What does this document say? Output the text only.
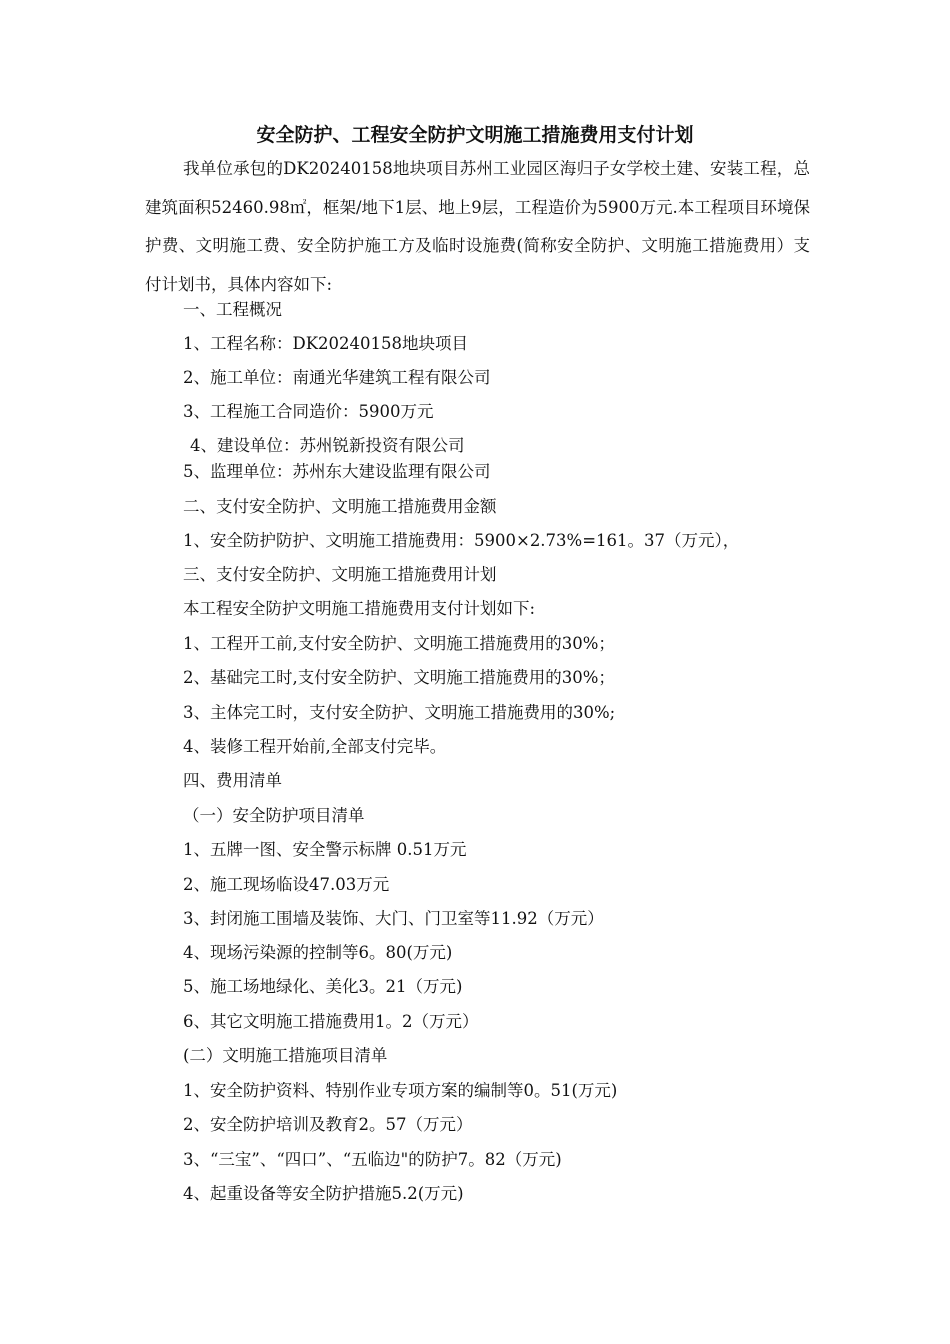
安全防护、工程安全防护文明施工措施费用支付计划

我单位承包的DK20240158地块项目苏州工业园区海归子女学校土建、安装工程，总建筑面积52460.98㎡，框架/地下1层、地上9层，工程造价为5900万元.本工程项目环境保护费、文明施工费、安全防护施工方及临时设施费(简称安全防护、文明施工措施费用）支付计划书，具体内容如下:

一、工程概况
1、工程名称：DK20240158地块项目
2、施工单位：南通光华建筑工程有限公司
3、工程施工合同造价：5900万元
4、建设单位：苏州锐新投资有限公司
5、监理单位：苏州东大建设监理有限公司
二、支付安全防护、文明施工措施费用金额
1、安全防护防护、文明施工措施费用：5900×2.73%=161。37（万元），
三、支付安全防护、文明施工措施费用计划
本工程安全防护文明施工措施费用支付计划如下:
1、工程开工前,支付安全防护、文明施工措施费用的30%；
2、基础完工时,支付安全防护、文明施工措施费用的30%；
3、主体完工时，支付安全防护、文明施工措施费用的30%;
4、装修工程开始前,全部支付完毕。
四、费用清单
（一）安全防护项目清单
1、五牌一图、安全警示标牌 0.51万元
2、施工现场临设47.03万元
3、封闭施工围墙及装饰、大门、门卫室等11.92（万元）
4、现场污染源的控制等6。80(万元)
5、施工场地绿化、美化3。21（万元)
6、其它文明施工措施费用1。2（万元）
(二）文明施工措施项目清单
1、安全防护资料、特别作业专项方案的编制等0。51(万元)
2、安全防护培训及教育2。57（万元）
3、“三宝”、“四口”、“五临边"的防护7。82（万元)
4、起重设备等安全防护措施5.2(万元)
